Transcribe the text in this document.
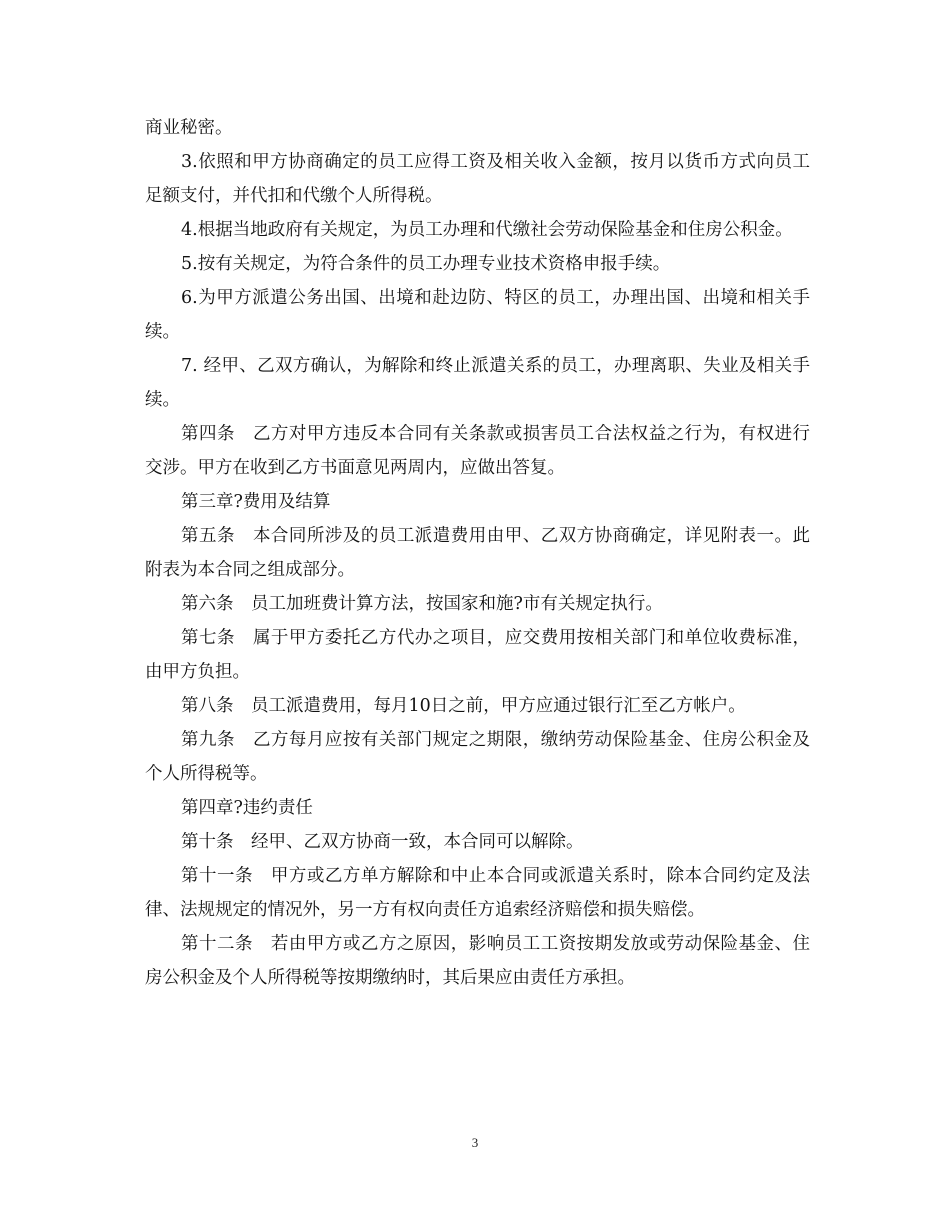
商业秘密。

3.依照和甲方协商确定的员工应得工资及相关收入金额，按月以货币方式向员工足额支付，并代扣和代缴个人所得税。

4.根据当地政府有关规定，为员工办理和代缴社会劳动保险基金和住房公积金。

5.按有关规定，为符合条件的员工办理专业技术资格申报手续。

6.为甲方派遣公务出国、出境和赴边防、特区的员工，办理出国、出境和相关手续。

7. 经甲、乙双方确认，为解除和终止派遣关系的员工，办理离职、失业及相关手续。

第四条　乙方对甲方违反本合同有关条款或损害员工合法权益之行为，有权进行交涉。甲方在收到乙方书面意见两周内，应做出答复。

第三章?费用及结算

第五条　本合同所涉及的员工派遣费用由甲、乙双方协商确定，详见附表一。此附表为本合同之组成部分。

第六条　员工加班费计算方法，按国家和施?市有关规定执行。

第七条　属于甲方委托乙方代办之项目，应交费用按相关部门和单位收费标准，由甲方负担。

第八条　员工派遣费用，每月10日之前，甲方应通过银行汇至乙方帐户。

第九条　乙方每月应按有关部门规定之期限，缴纳劳动保险基金、住房公积金及个人所得税等。

第四章?违约责任

第十条　经甲、乙双方协商一致，本合同可以解除。

第十一条　甲方或乙方单方解除和中止本合同或派遣关系时，除本合同约定及法律、法规规定的情况外，另一方有权向责任方追索经济赔偿和损失赔偿。

第十二条　若由甲方或乙方之原因，影响员工工资按期发放或劳动保险基金、住房公积金及个人所得税等按期缴纳时，其后果应由责任方承担。

3
